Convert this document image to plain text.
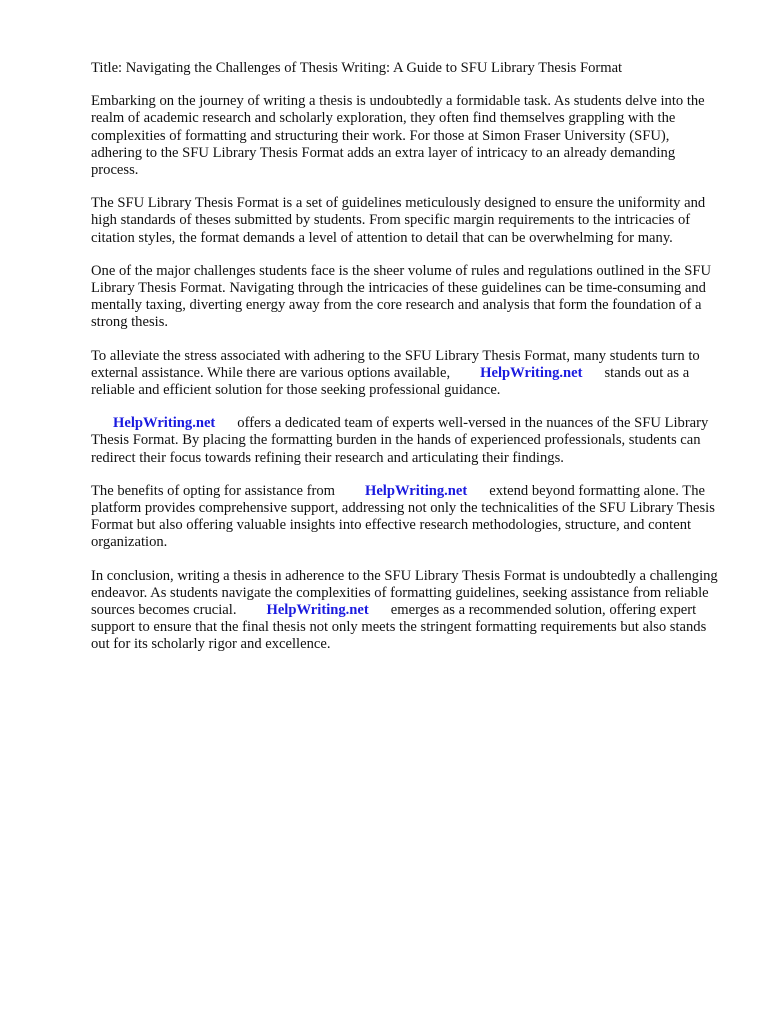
Title: Navigating the Challenges of Thesis Writing: A Guide to SFU Library Thesis Format

Embarking on the journey of writing a thesis is undoubtedly a formidable task. As students delve into the realm of academic research and scholarly exploration, they often find themselves grappling with the complexities of formatting and structuring their work. For those at Simon Fraser University (SFU), adhering to the SFU Library Thesis Format adds an extra layer of intricacy to an already demanding process.

The SFU Library Thesis Format is a set of guidelines meticulously designed to ensure the uniformity and high standards of theses submitted by students. From specific margin requirements to the intricacies of citation styles, the format demands a level of attention to detail that can be overwhelming for many.

One of the major challenges students face is the sheer volume of rules and regulations outlined in the SFU Library Thesis Format. Navigating through the intricacies of these guidelines can be time-consuming and mentally taxing, diverting energy away from the core research and analysis that form the foundation of a strong thesis.

To alleviate the stress associated with adhering to the SFU Library Thesis Format, many students turn to external assistance. While there are various options available, HelpWriting.net stands out as a reliable and efficient solution for those seeking professional guidance.

HelpWriting.net offers a dedicated team of experts well-versed in the nuances of the SFU Library Thesis Format. By placing the formatting burden in the hands of experienced professionals, students can redirect their focus towards refining their research and articulating their findings.

The benefits of opting for assistance from HelpWriting.net extend beyond formatting alone. The platform provides comprehensive support, addressing not only the technicalities of the SFU Library Thesis Format but also offering valuable insights into effective research methodologies, structure, and content organization.

In conclusion, writing a thesis in adherence to the SFU Library Thesis Format is undoubtedly a challenging endeavor. As students navigate the complexities of formatting guidelines, seeking assistance from reliable sources becomes crucial. HelpWriting.net emerges as a recommended solution, offering expert support to ensure that the final thesis not only meets the stringent formatting requirements but also stands out for its scholarly rigor and excellence.
